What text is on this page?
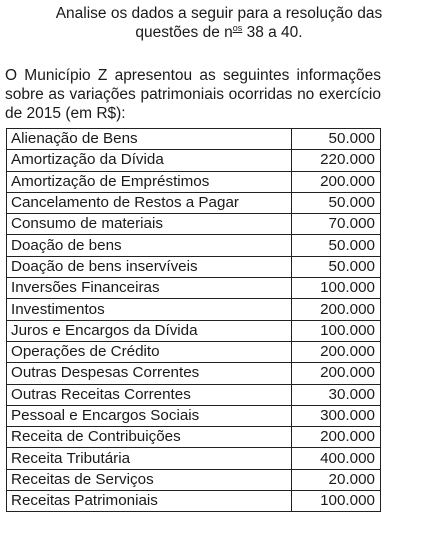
Analise os dados a seguir para a resolução das
questões de $n^{os}$ 38 a 40.
O Município Z apresentou as seguintes informações sobre as variações patrimoniais ocorridas no exercício de 2015 (em R$):
Alienação de Bens	50.000
Amortização da Dívida	220.000
Amortização de Empréstimos	200.000
Cancelamento de Restos a Pagar	50.000
Consumo de materiais	70.000
Doação de bens	50.000
Doação de bens inservíveis	50.000
Inversões Financeiras	100.000
Investimentos	200.000
Juros e Encargos da Dívida	100.000
Operações de Crédito	200.000
Outras Despesas Correntes	200.000
Outras Receitas Correntes	30.000
Pessoal e Encargos Sociais	300.000
Receita de Contribuições	200.000
Receita Tributária	400.000
Receitas de Serviços	20.000
Receitas Patrimoniais	100.000
